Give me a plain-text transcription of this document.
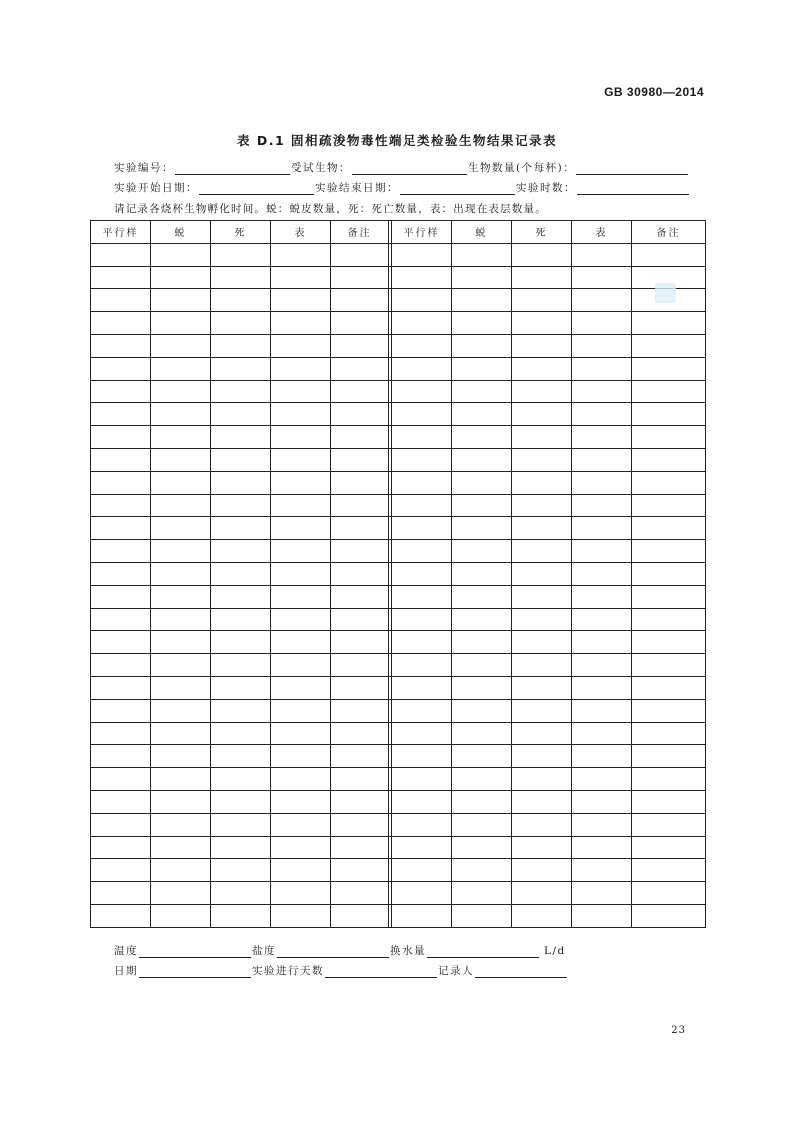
GB 30980—2014
表 D.1 固相疏浚物毒性端足类检验生物结果记录表
实验编号：	受试生物：	生物数量(个每杯)：
实验开始日期：	实验结束日期：	实验时数：
请记录各烧杯生物孵化时间。蜕：蜕皮数量，死：死亡数量，表：出现在表层数量。
平行样	蜕	死	表	备注		平行样	蜕	死	表	备注

温度	盐度	换水量	L/d
日期	实验进行天数	记录人
23
